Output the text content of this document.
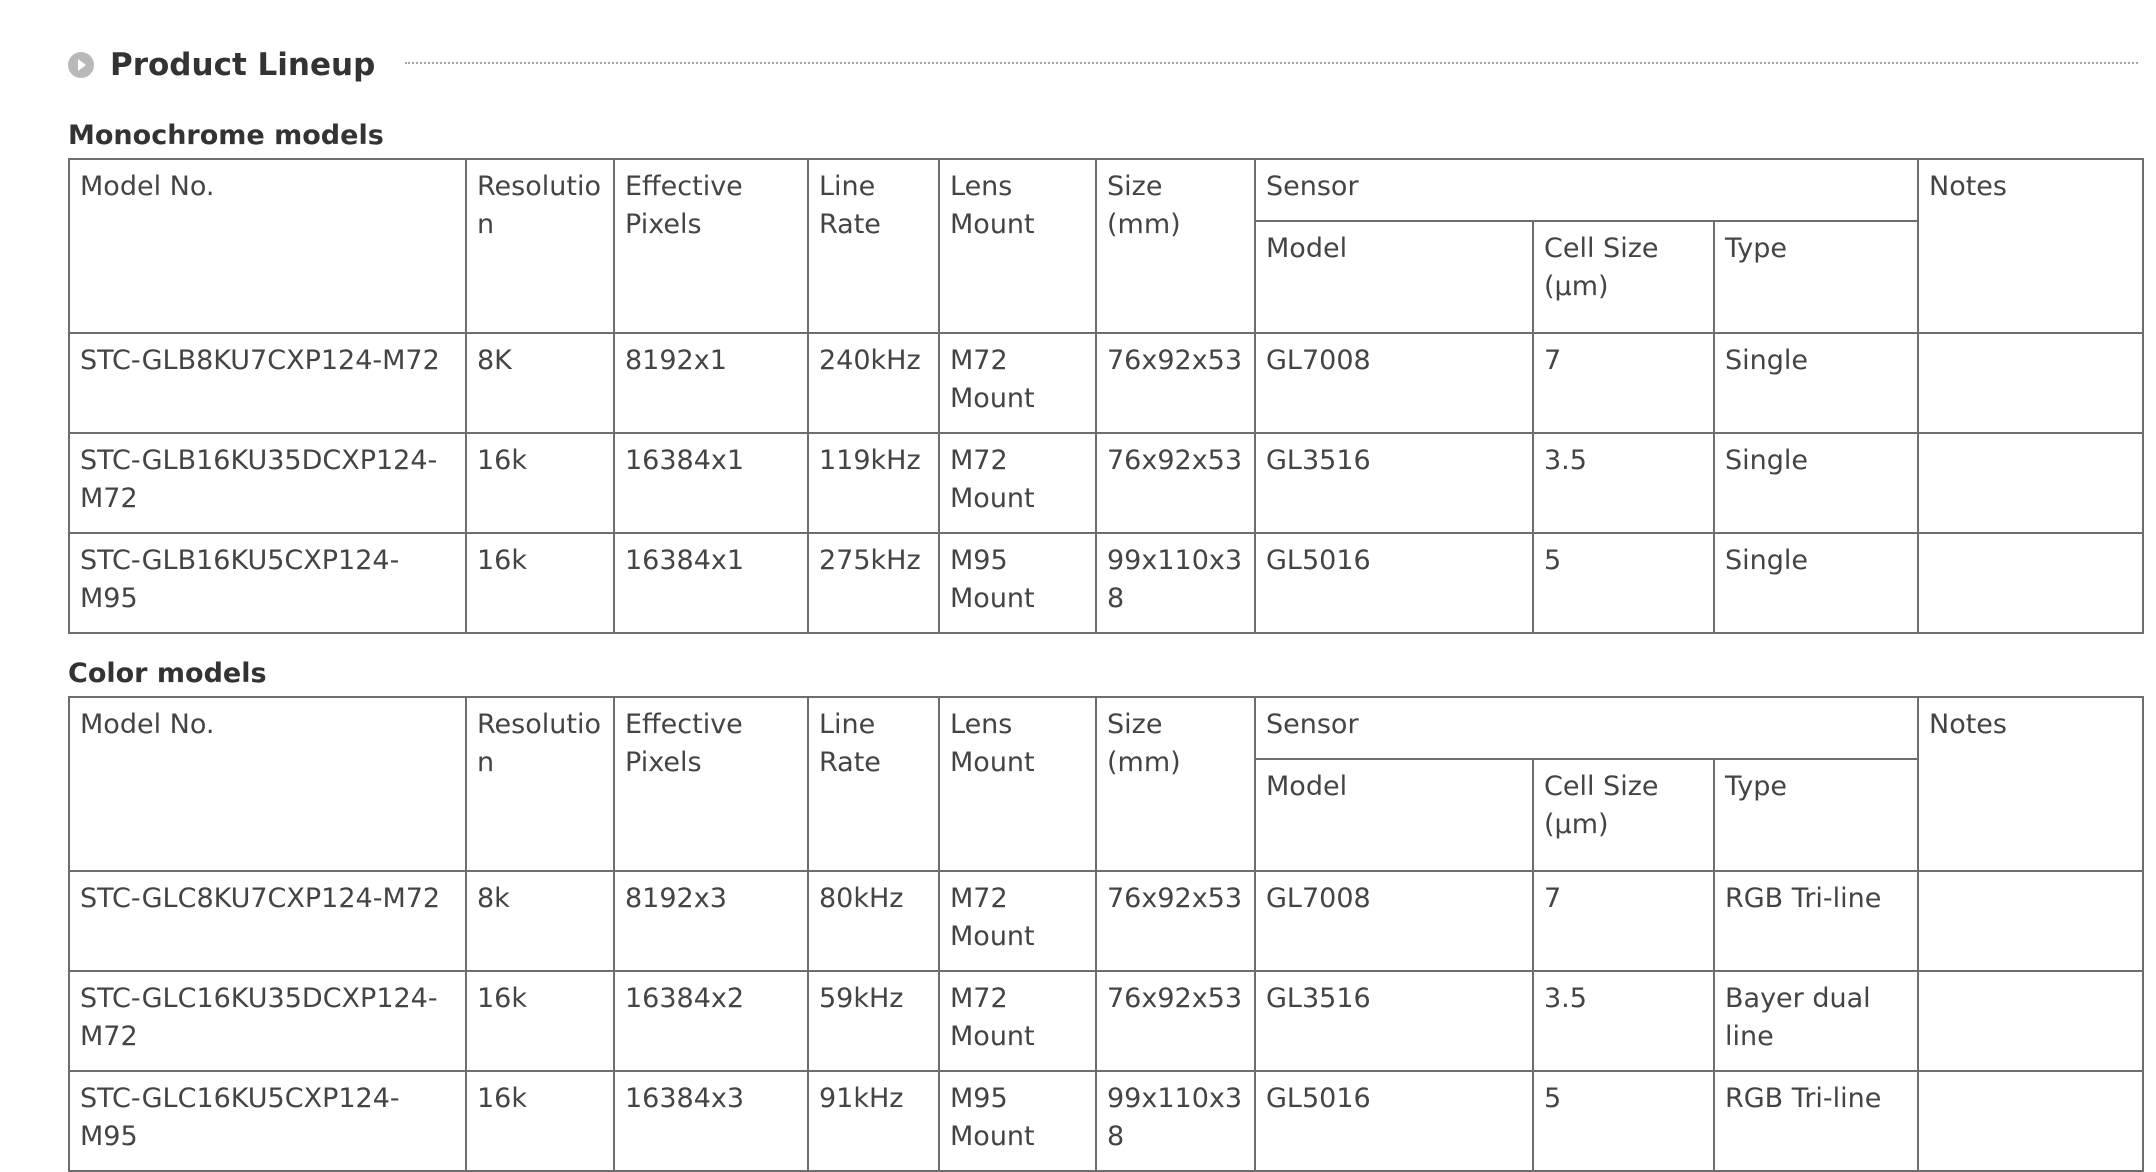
Product Lineup
Monochrome models
Model No.	Resolution	Effective Pixels	Line Rate	Lens Mount	Size (mm)	Sensor			Notes
						Model	Cell Size (μm)	Type	
STC-GLB8KU7CXP124-M72	8K	8192x1	240kHz	M72 Mount	76x92x53	GL7008	7	Single	
STC-GLB16KU35DCXP124-M72	16k	16384x1	119kHz	M72 Mount	76x92x53	GL3516	3.5	Single	
STC-GLB16KU5CXP124-M95	16k	16384x1	275kHz	M95 Mount	99x110x38	GL5016	5	Single	
Color models
Model No.	Resolution	Effective Pixels	Line Rate	Lens Mount	Size (mm)	Sensor			Notes
						Model	Cell Size (μm)	Type	
STC-GLC8KU7CXP124-M72	8k	8192x3	80kHz	M72 Mount	76x92x53	GL7008	7	RGB Tri-line	
STC-GLC16KU35DCXP124-M72	16k	16384x2	59kHz	M72 Mount	76x92x53	GL3516	3.5	Bayer dual line	
STC-GLC16KU5CXP124-M95	16k	16384x3	91kHz	M95 Mount	99x110x38	GL5016	5	RGB Tri-line	
